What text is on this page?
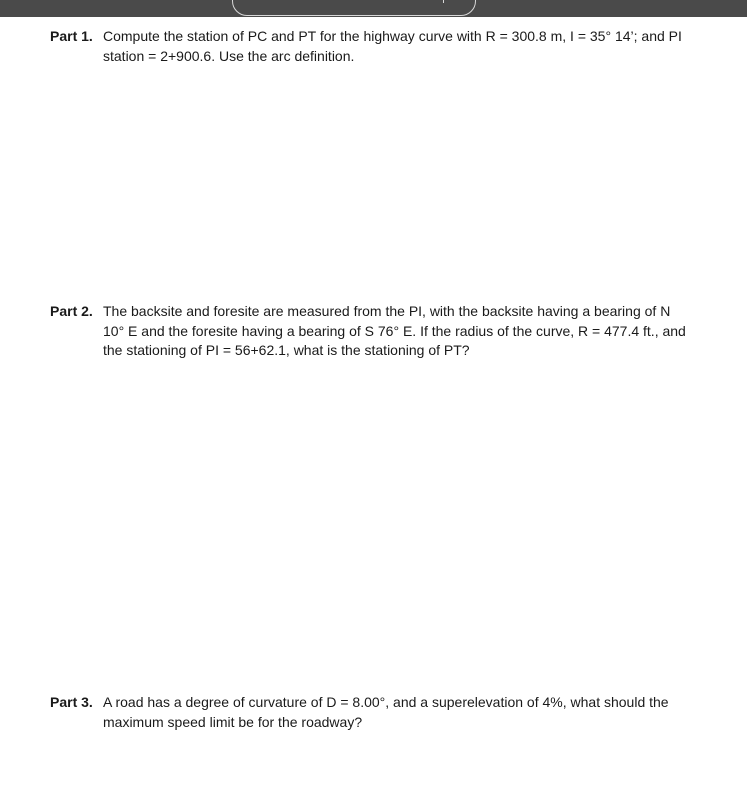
Part 1. Compute the station of PC and PT for the highway curve with R = 300.8 m, I = 35° 14’; and PI station = 2+900.6. Use the arc definition.
Part 2. The backsite and foresite are measured from the PI, with the backsite having a bearing of N 10° E and the foresite having a bearing of S 76° E. If the radius of the curve, R = 477.4 ft., and the stationing of PI = 56+62.1, what is the stationing of PT?
Part 3. A road has a degree of curvature of D = 8.00°, and a superelevation of 4%, what should the maximum speed limit be for the roadway?
